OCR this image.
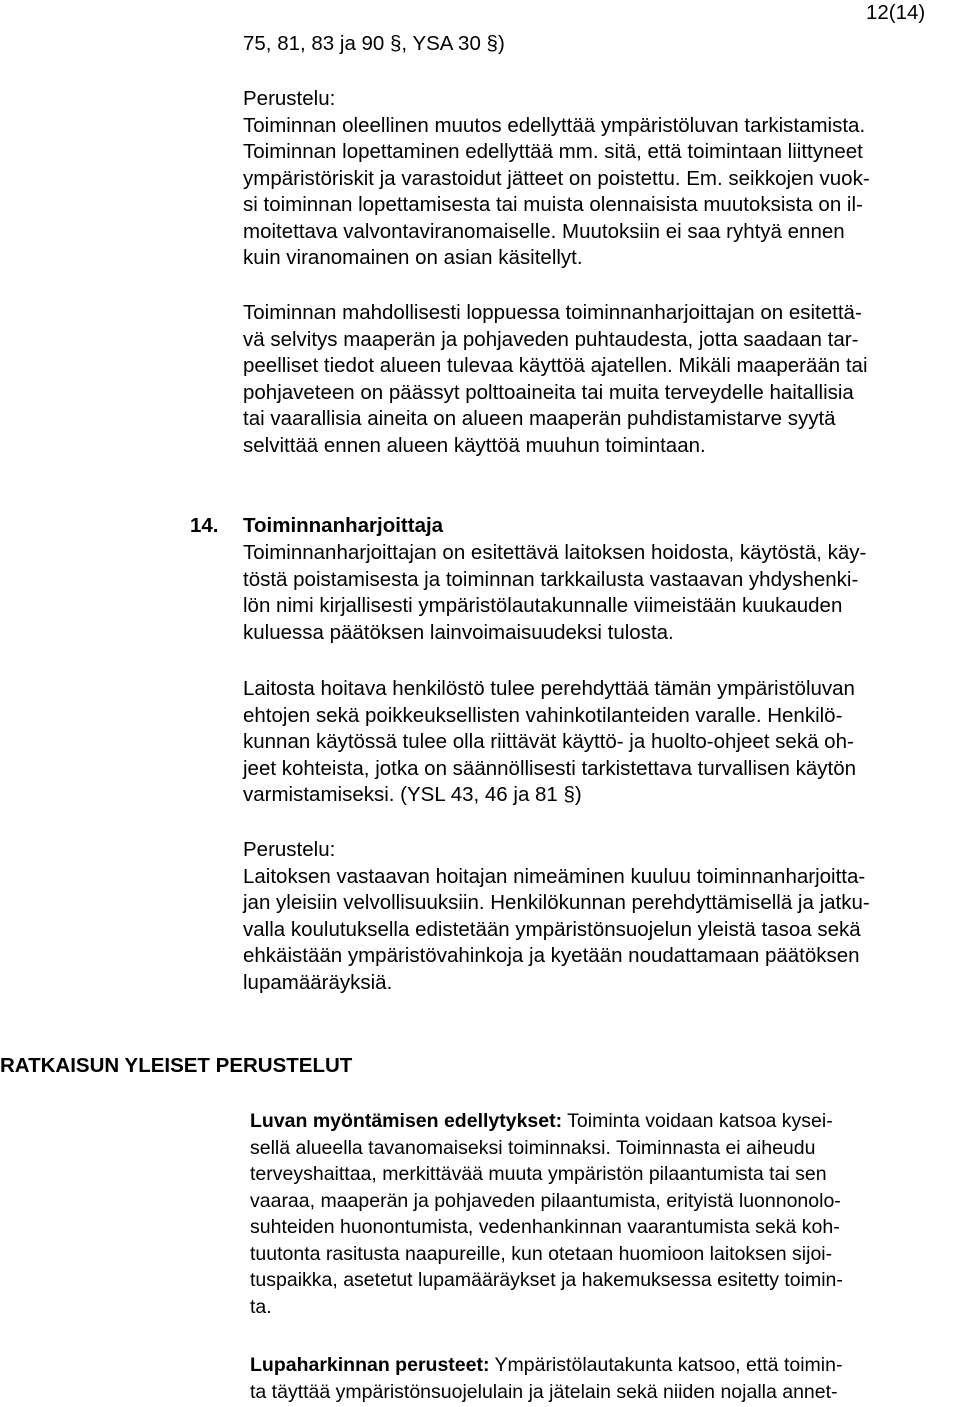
12(14)
75, 81, 83 ja 90 §, YSA 30 §)
Perustelu:
Toiminnan oleellinen muutos edellyttää ympäristöluvan tarkistamista.
Toiminnan lopettaminen edellyttää mm. sitä, että toimintaan liittyneet
ympäristöriskit ja varastoidut jätteet on poistettu. Em. seikkojen vuok-
si toiminnan lopettamisesta tai muista olennaisista muutoksista on il-
moitettava valvontaviranomaiselle. Muutoksiin ei saa ryhtyä ennen
kuin viranomainen on asian käsitellyt.
Toiminnan mahdollisesti loppuessa toiminnanharjoittajan on esitettä-
vä selvitys maaperän ja pohjaveden puhtaudesta, jotta saadaan tar-
peelliset tiedot alueen tulevaa käyttöä ajatellen. Mikäli maaperään tai
pohjaveteen on päässyt polttoaineita tai muita terveydelle haitallisia
tai vaarallisia aineita on alueen maaperän puhdistamistarve syytä
selvittää ennen alueen käyttöä muuhun toimintaan.
14. Toiminnanharjoittaja
Toiminnanharjoittajan on esitettävä laitoksen hoidosta, käytöstä, käy-
töstä poistamisesta ja toiminnan tarkkailusta vastaavan yhdyshenki-
lön nimi kirjallisesti ympäristölautakunnalle viimeistään kuukauden
kuluessa päätöksen lainvoimaisuudeksi tulosta.
Laitosta hoitava henkilöstö tulee perehdyttää tämän ympäristöluvan
ehtojen sekä poikkeuksellisten vahinkotilanteiden varalle. Henkilö-
kunnan käytössä tulee olla riittävät käyttö- ja huolto-ohjeet sekä oh-
jeet kohteista, jotka on säännöllisesti tarkistettava turvallisen käytön
varmistamiseksi. (YSL 43, 46 ja 81 §)
Perustelu:
Laitoksen vastaavan hoitajan nimeäminen kuuluu toiminnanharjoitta-
jan yleisiin velvollisuuksiin. Henkilökunnan perehdyttämisellä ja jatku-
valla koulutuksella edistetään ympäristönsuojelun yleistä tasoa sekä
ehkäistään ympäristövahinkoja ja kyetään noudattamaan päätöksen
lupamääräyksiä.
RATKAISUN YLEISET PERUSTELUT
Luvan myöntämisen edellytykset: Toiminta voidaan katsoa kysei-
sellä alueella tavanomaiseksi toiminnaksi. Toiminnasta ei aiheudu
terveyshaittaa, merkittävää muuta ympäristön pilaantumista tai sen
vaaraa, maaperän ja pohjaveden pilaantumista, erityistä luonnonolo-
suhteiden huonontumista, vedenhankinnan vaarantumista sekä koh-
tuutonta rasitusta naapureille, kun otetaan huomioon laitoksen sijoi-
tuspaikka, asetetut lupamääräykset ja hakemuksessa esitetty toimin-
ta.
Lupaharkinnan perusteet: Ympäristölautakunta katsoo, että toimin-
ta täyttää ympäristönsuojelulain ja jätelain sekä niiden nojalla annet-
